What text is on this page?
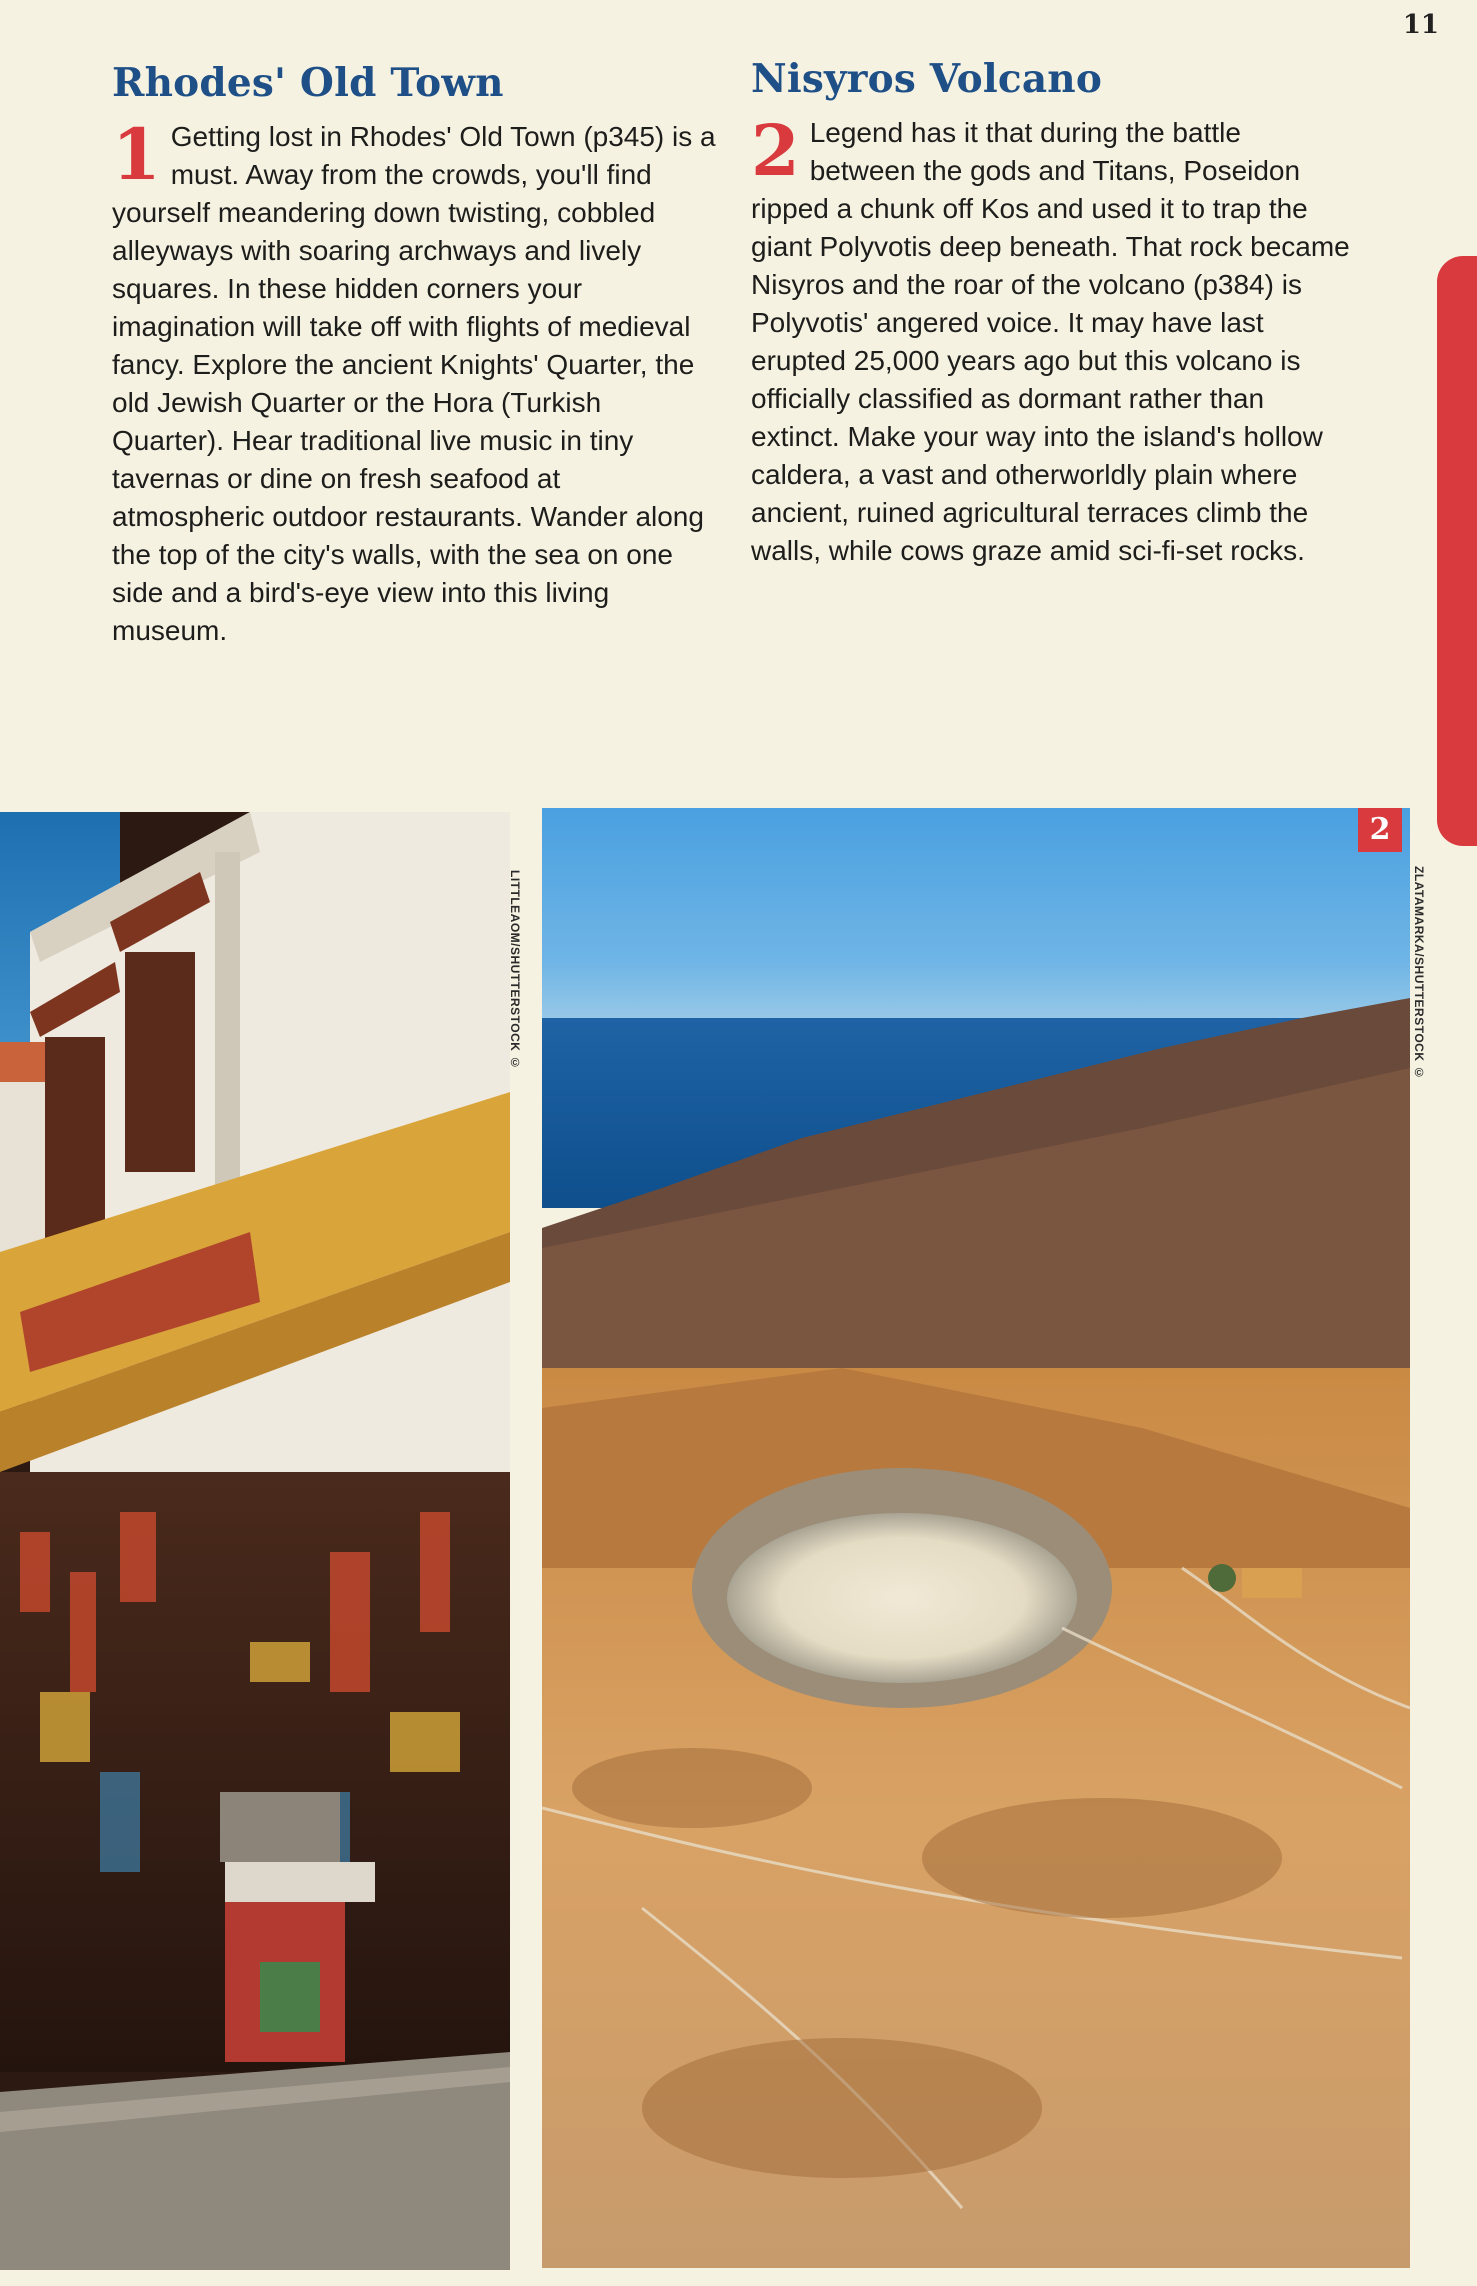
11
Rhodes' Old Town

1 Getting lost in Rhodes' Old Town (p345) is a must. Away from the crowds, you'll find yourself meandering down twisting, cobbled alleyways with soaring archways and lively squares. In these hidden corners your imagination will take off with flights of medieval fancy. Explore the ancient Knights' Quarter, the old Jewish Quarter or the Hora (Turkish Quarter). Hear traditional live music in tiny tavernas or dine on fresh seafood at atmospheric outdoor restaurants. Wander along the top of the city's walls, with the sea on one side and a bird's-eye view into this living museum.

Nisyros Volcano

2 Legend has it that during the battle between the gods and Titans, Poseidon ripped a chunk off Kos and used it to trap the giant Polyvotis deep beneath. That rock became Nisyros and the roar of the volcano (p384) is Polyvotis' angered voice. It may have last erupted 25,000 years ago but this volcano is officially classified as dormant rather than extinct. Make your way into the island's hollow caldera, a vast and otherworldly plain where ancient, ruined agricultural terraces climb the walls, while cows graze amid sci-fi-set rocks.

LITTLEAOM/SHUTTERSTOCK ©
2
ZLATAMARKA/SHUTTERSTOCK ©
